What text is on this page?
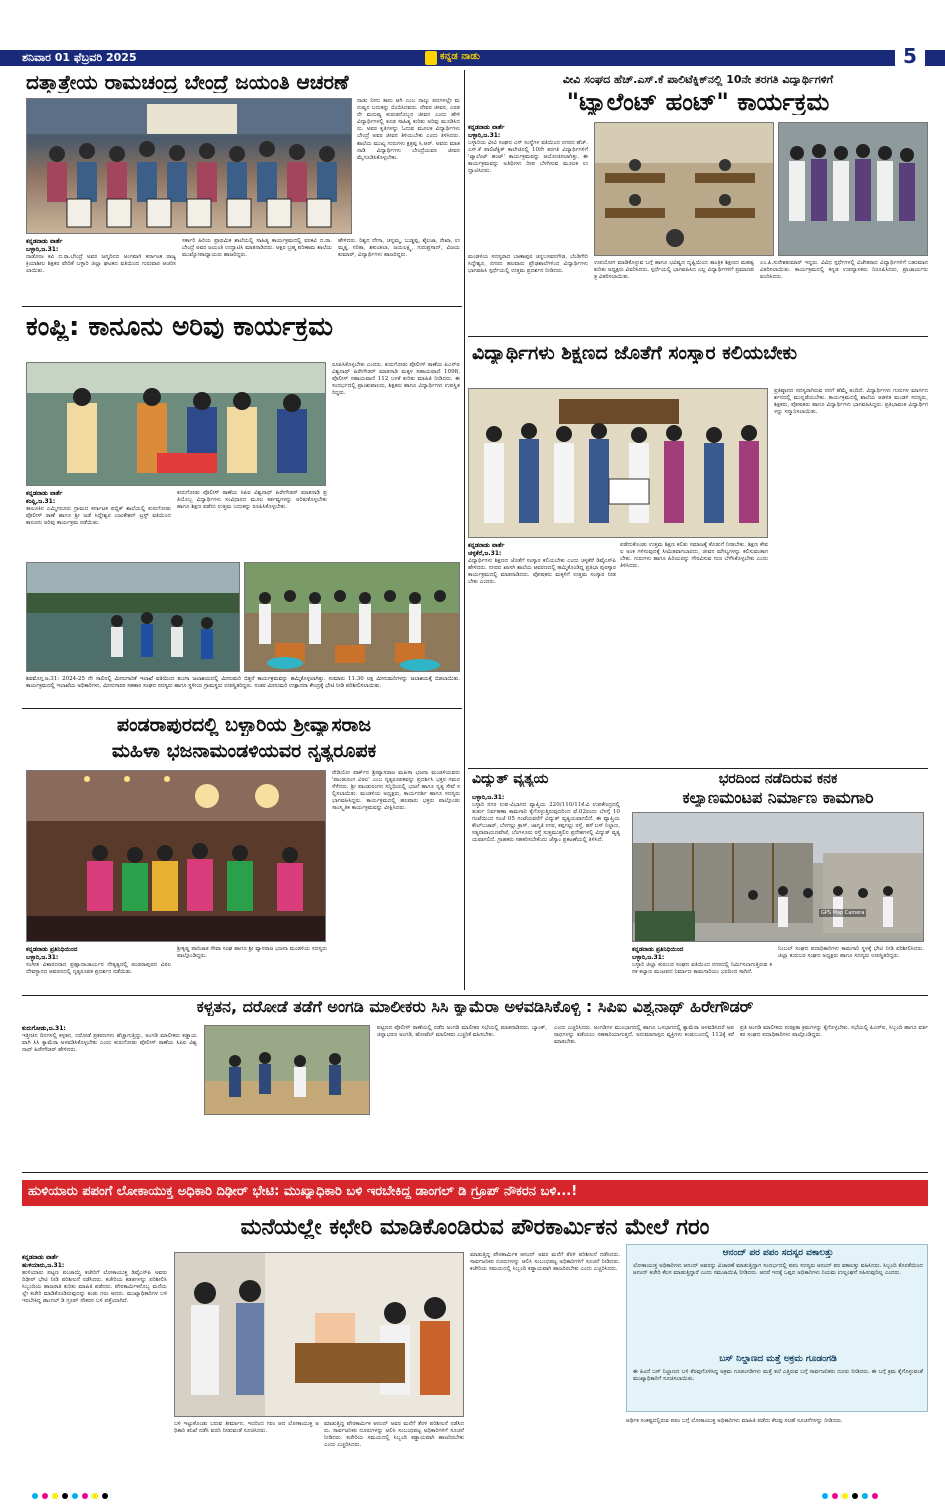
ಶನಿವಾರ 01 ಫೆಬ್ರವರಿ 2025	ಕನ್ನಡ ನಾಡು	5
ದತ್ತಾತ್ರೇಯ ರಾಮಚಂದ್ರ ಬೇಂದ್ರೆ ಜಯಂತಿ ಆಚರಣೆ
ನಾಡು ನೀನು ತಾನು ಆಗಿ ಎಂಬ ನಾಲ್ಕು ಪದಗಳಲ್ಲೇ ಮನುಷ್ಯನ ಬದುಕನ್ನು ಬಿಂಬಿಸಿದವರು. ದೇವರ ಜೀವನ, ಎರಡನೇ ಮನುಷ್ಯ ಕುರುಡನೊಬ್ಬನ ಜೀವನ ಎಂದು ಹೇಳಿ ವಿದ್ಯಾರ್ಥಿಗಳಲ್ಲಿ ಕೂಡ ಸಾಹಿತ್ಯ ಕುರಿತು ಅರಿವು ಮೂಡಿಸಿದರು. ಅವರ ಕೃತಿಗಳನ್ನು ಓದುವ ಮೂಲಕ ವಿದ್ಯಾರ್ಥಿಗಳು ಬೇಂದ್ರೆ ಅವರ ಜೀವನ ತಿಳಿಯಬೇಕು ಎಂದು ತಿಳಿಸಿದರು. ಶಾಲೆಯ ಮುಖ್ಯ ಗುರುಗಳು ಕ್ಷತ್ರಪ್ಪ ಸಿ.ಆರ್. ಅವರು ಮಾತನಾಡಿ ವಿದ್ಯಾರ್ಥಿಗಳು ಬೇಂದ್ರೆಯವರ ಜೀವನ ಮೈಗೂಡಿಸಿಕೊಳ್ಳಬೇಕು.
ಕನ್ನಡನಾಡು ವಾರ್ತೆ
ಬಳ್ಳಾರಿ,ಜ.31:
ನಾಡೋಜ ಕವಿ ದ.ರಾ.ಬೇಂದ್ರೆ ಅವರ ಜನ್ಮದಿನದ ಅಂಗವಾಗಿ ಕರ್ನಾಟಕ ರಾಜ್ಯ ಕ್ರಿಯಾಶೀಲ ಶಿಕ್ಷಕರ ವೇದಿಕೆ ಬಳ್ಳಾರಿ ಜಿಲ್ಲಾ ಘಟಕದ ವತಿಯಿಂದ ಗುರುವಾರ ಆಚರಿಸಲಾಯಿತು.
ಸರ್ಕಾರಿ ಹಿರಿಯ ಪ್ರಾಥಮಿಕ ಶಾಲೆಯಲ್ಲಿ ಸಾಹಿತ್ಯ ಕಾರ್ಯಕ್ರಮದಲ್ಲಿ ವರಕವಿ ದ.ರಾ.ಬೇಂದ್ರೆ ಅವರ ಜಯಂತಿ ಉದ್ಘಾಟಿಸಿ ಮಾತನಾಡಿದರು. ಅಕ್ಷರ ಬ್ರಹ್ಮ ಪರಿಣಾಮ ಶಾಲೆಯ ಮುಖ್ಯೋಪಾಧ್ಯಾಯರು ಹಾಜರಿದ್ದರು.
ಹೇಳಿದರು. ರಿಶ್ಯದ ದೇಗಾ, ಚನ್ನಮ್ಮ, ಬುಡ್ಡಪ್ಪ, ಶೈಲಜಾ, ರೇಖಾ, ಉಮ್ಮಕ್ಕ, ಸರಿತಾ, ಶಕುಂತಲಾ, ಜಯಲಕ್ಷ್ಮಿ, ಗುರುಪ್ರಸಾದ್, ವಿಜಯಕುಮಾರ್, ವಿದ್ಯಾರ್ಥಿಗಳು ಹಾಜರಿದ್ದರು.
ವೀವಿ ಸಂಘದ ಹೆಚ್.ಎಸ್.ಕೆ ಪಾಲಿಟೆಕ್ನಿಕ್‌ನಲ್ಲಿ 10ನೇ ತರಗತಿ ವಿದ್ಯಾರ್ಥಿಗಳಿಗೆ
"ಟ್ಯಾಲೆಂಟ್ ಹಂಟ್" ಕಾರ್ಯಕ್ರಮ
ಕನ್ನಡನಾಡು ವಾರ್ತೆ
ಬಳ್ಳಾರಿ,ಜ.31:
ಬಳ್ಳಾರಿಯ ವೀವಿ ಸಂಘದ ಎಸ್ ಸಂಸ್ಥೆಗಳ ವತಿಯಿಂದ ನಗರದ ಹೆಚ್.ಎಸ್.ಕೆ ಪಾಲಿಟೆಕ್ನಿಕ್ ಕಾಲೇಜಿನಲ್ಲಿ 10ನೇ ತರಗತಿ ವಿದ್ಯಾರ್ಥಿಗಳಿಗೆ 'ಟ್ಯಾಲೆಂಟ್ ಹಂಟ್' ಕಾರ್ಯಕ್ರಮವನ್ನು ಆಯೋಜಿಸಲಾಗಿತ್ತು. ಈ ಕಾರ್ಯಕ್ರಮವನ್ನು ಅತಿಥಿಗಳು ದೀಪ ಬೆಳಗಿಸುವ ಮೂಲಕ ಉದ್ಘಾಟಿಸಿದರು.
ಮಂಡಳಿಯ ಸದಸ್ಯರಾದ ಬಾಣಾಪುರ ಚನ್ನಬಸವನಗೌಡ, ಬೆಂಡಿಗೇರಿ ಸಿದ್ದೇಶ್ವರ, ನಗರದ ಹಲವಾರು ಪ್ರೌಢಶಾಲೆಗಳಿಂದ ವಿದ್ಯಾರ್ಥಿಗಳು ಭಾಗವಹಿಸಿ ಸ್ಪರ್ಧೆಯಲ್ಲಿ ಉತ್ತಮ ಪ್ರದರ್ಶನ ನೀಡಿದರು.
ಉಪಯೋಗ ಮಾಡಿಕೊಳ್ಳುವ ಬಗ್ಗೆ ಹಾಗೂ ಭವಿಷ್ಯದ ದೃಷ್ಟಿಯಿಂದ ತಾಂತ್ರಿಕ ಶಿಕ್ಷಣದ ಮಹತ್ವ ಕುರಿತು ಅಧ್ಯಕ್ಷರು ವಿವರಿಸಿದರು. ಸ್ಪರ್ಧೆಯಲ್ಲಿ ಭಾಗವಹಿಸಿದ ಎಲ್ಲ ವಿದ್ಯಾರ್ಥಿಗಳಿಗೆ ಪ್ರಮಾಣಪತ್ರ ವಿತರಿಸಲಾಯಿತು.
ಎಂ.ಪಿ.ಸುರೇಶಕುಮಾರ್ ಇದ್ದರು. ವಿವಿಧ ಸ್ಪರ್ಧೆಗಳಲ್ಲಿ ವಿಜೇತರಾದ ವಿದ್ಯಾರ್ಥಿಗಳಿಗೆ ಬಹುಮಾನ ವಿತರಿಸಲಾಯಿತು. ಕಾರ್ಯಕ್ರಮದಲ್ಲಿ ಕನ್ನಡ ಉಪನ್ಯಾಸಕರು ನಿರೂಪಿಸಿದರು, ಪ್ರಾಚಾರ್ಯರು ವಂದಿಸಿದರು.
ಕಂಪ್ಲಿ: ಕಾನೂನು ಅರಿವು ಕಾರ್ಯಕ್ರಮ
ರೂಪಿಸಿಕೊಳ್ಳಬೇಕು ಎಂದರು. ಕುರುಗೋಡು ಪೊಲೀಸ್ ಠಾಣೆಯ ಪಿಎಸ್ಐ ವಿಶ್ವನಾಥ್ ಹಿರೇಗೌಡರ್ ಮಾತನಾಡಿ ಮಕ್ಕಳ ಸಹಾಯವಾಣಿ 1098, ಪೊಲೀಸ್ ಸಹಾಯವಾಣಿ 112 ಬಳಕೆ ಕುರಿತು ಮಾಹಿತಿ ನೀಡಿದರು. ಈ ಸಂದರ್ಭದಲ್ಲಿ ಪ್ರಾಂಶುಪಾಲರು, ಶಿಕ್ಷಕರು ಹಾಗೂ ವಿದ್ಯಾರ್ಥಿಗಳು ಉಪಸ್ಥಿತರಿದ್ದರು.
ಕನ್ನಡನಾಡು ವಾರ್ತೆ
ಕಂಪ್ಲಿ,ಜ.31:
ತಾಲೂಕಿನ ಎಮ್ಮಿಗನೂರು ಗ್ರಾಮದ ಕರ್ನಾಟಕ ಪಬ್ಲಿಕ್ ಶಾಲೆಯಲ್ಲಿ ಕುರುಗೋಡು ಪೊಲೀಸ್ ಠಾಣೆ ಹಾಗೂ ಶ್ರೀ ಜಡೆ ಸಿದ್ದೇಶ್ವರ ಎಜುಕೇಶನ್ ಟ್ರಸ್ಟ್ ವತಿಯಿಂದ ಕಾನೂನು ಅರಿವು ಕಾರ್ಯಕ್ರಮ ನಡೆಯಿತು.
ಕುರುಗೋಡು ಪೊಲೀಸ್ ಠಾಣೆಯ ಸಿಪಿಐ ವಿಶ್ವನಾಥ್ ಹಿರೇಗೌಡರ್ ಮಾತನಾಡಿ ಪ್ರತಿಯೊಬ್ಬ ವಿದ್ಯಾರ್ಥಿಗಳು ಸಂವಿಧಾನದ ಮೂಲ ಕರ್ತವ್ಯಗಳನ್ನು ಅರಿತುಕೊಳ್ಳಬೇಕು ಹಾಗೂ ಶಿಕ್ಷಣ ಪಡೆದು ಉತ್ತಮ ಬದುಕನ್ನು ರೂಪಿಸಿಕೊಳ್ಳಬೇಕು.
ವಿದ್ಯಾರ್ಥಿಗಳು ಶಿಕ್ಷಣದ ಜೊತೆಗೆ ಸಂಸ್ಕಾರ ಕಲಿಯಬೇಕು
ಪ್ರತಿಷ್ಠಾನದ ಸದಸ್ಯರಾಗಿರುವ ನನಗೆ ಹೆಮ್ಮೆ ತಂದಿದೆ. ವಿದ್ಯಾರ್ಥಿಗಳು ಗುರುಗಳ ಮಾರ್ಗದರ್ಶನದಲ್ಲಿ ಮುನ್ನಡೆಯಬೇಕು. ಕಾರ್ಯಕ್ರಮದಲ್ಲಿ ಶಾಲೆಯ ಆಡಳಿತ ಮಂಡಳಿ ಸದಸ್ಯರು, ಶಿಕ್ಷಕರು, ಪೋಷಕರು ಹಾಗೂ ವಿದ್ಯಾರ್ಥಿಗಳು ಭಾಗವಹಿಸಿದ್ದರು. ಪ್ರತಿಭಾವಂತ ವಿದ್ಯಾರ್ಥಿಗಳನ್ನು ಸನ್ಮಾನಿಸಲಾಯಿತು.
ಕನ್ನಡನಾಡು ವಾರ್ತೆ
ಚಳ್ಳಕೆರೆ,ಜ.31:
ವಿದ್ಯಾರ್ಥಿಗಳು ಶಿಕ್ಷಣದ ಜೊತೆಗೆ ಸಂಸ್ಕಾರ ಕಲಿಯಬೇಕು ಎಂದು ಚಳ್ಳಕೆರೆ ಡಿವೈಎಸ್‌ಪಿ ಹೇಳಿದರು. ನಗರದ ಖಾಸಗಿ ಶಾಲೆಯ ಆವರಣದಲ್ಲಿ ಹಮ್ಮಿಕೊಂಡಿದ್ದ ಪ್ರತಿಭಾ ಪುರಸ್ಕಾರ ಕಾರ್ಯಕ್ರಮದಲ್ಲಿ ಮಾತನಾಡಿದರು. ಪೋಷಕರು ಮಕ್ಕಳಿಗೆ ಉತ್ತಮ ಸಂಸ್ಕಾರ ನೀಡಬೇಕು ಎಂದರು.
ಪಡೆದುಕೊಂಡು ಉತ್ತಮ ಶಿಕ್ಷಣ ಕಲಿತು ಸಮಾಜಕ್ಕೆ ಕೊಡುಗೆ ನೀಡಬೇಕು. ಶಿಕ್ಷಣ ಕೇವಲ ಅಂಕ ಗಳಿಸುವುದಕ್ಕೆ ಸೀಮಿತವಾಗಬಾರದು, ಜೀವನ ಮೌಲ್ಯಗಳನ್ನು ಕಲಿಸುವಂತಾಗಬೇಕು. ಗುರುಗಳು ಹಾಗೂ ಹಿರಿಯರನ್ನು ಗೌರವಿಸುವ ಗುಣ ಬೆಳೆಸಿಕೊಳ್ಳಬೇಕು ಎಂದು ತಿಳಿಸಿದರು.
ಶಿವಮೊಗ್ಗ,ಜ.31: 2024-25 ನೇ ಸಾಲಿನಲ್ಲಿ ಮೀನುಗಾರಿಕೆ ಇಲಾಖೆ ವತಿಯಿಂದ ತುಂಗಾ ಜಲಾಶಯದಲ್ಲಿ ಮೀನುಮರಿ ಬಿತ್ತನೆ ಕಾರ್ಯಕ್ರಮವನ್ನು ಹಮ್ಮಿಕೊಳ್ಳಲಾಗಿತ್ತು. ಸುಮಾರು 11.30 ಲಕ್ಷ ಮೀನುಮರಿಗಳನ್ನು ಜಲಾಶಯಕ್ಕೆ ಬಿಡಲಾಯಿತು. ಕಾರ್ಯಕ್ರಮದಲ್ಲಿ ಇಲಾಖೆಯ ಅಧಿಕಾರಿಗಳು, ಮೀನುಗಾರರ ಸಹಕಾರ ಸಂಘದ ಸದಸ್ಯರು ಹಾಗೂ ಸ್ಥಳೀಯ ಗ್ರಾಮಸ್ಥರು ಉಪಸ್ಥಿತರಿದ್ದರು. ನಂತರ ಮೀನುಮರಿ ಉತ್ಪಾದನಾ ಕೇಂದ್ರಕ್ಕೆ ಭೇಟಿ ನೀಡಿ ಪರಿಶೀಲಿಸಲಾಯಿತು.
ಪಂಡರಾಪುರದಲ್ಲಿ ಬಳ್ಳಾರಿಯ ಶ್ರೀವ್ಯಾಸರಾಜ
ಮಹಿಳಾ ಭಜನಾಮಂಡಳಿಯವರ ನೃತ್ಯರೂಪಕ
ರೇಡಿಯೋ ಪಾರ್ಕ್‌ನ ಶ್ರೀವ್ಯಾಸರಾಜ ಮಹಿಳಾ ಭಜನಾ ಮಂಡಳಿಯವರು 'ಪಾಂಡುರಂಗ ವಿಠಲ' ಎಂಬ ನೃತ್ಯರೂಪಕವನ್ನು ಪ್ರದರ್ಶಿಸಿ ಭಕ್ತರ ಗಮನ ಸೆಳೆದರು. ಶ್ರೀ ಪಾಂಡುರಂಗನ ಸನ್ನಿಧಿಯಲ್ಲಿ ಭಜನೆ ಹಾಗೂ ನೃತ್ಯ ಸೇವೆ ಸಲ್ಲಿಸಲಾಯಿತು. ಮಂಡಳಿಯ ಅಧ್ಯಕ್ಷರು, ಕಾರ್ಯದರ್ಶಿ ಹಾಗೂ ಸದಸ್ಯರು ಭಾಗವಹಿಸಿದ್ದರು. ಕಾರ್ಯಕ್ರಮದಲ್ಲಿ ಹಲವಾರು ಭಕ್ತರು ಪಾಲ್ಗೊಂಡು ಸಾಂಸ್ಕೃತಿಕ ಕಾರ್ಯಕ್ರಮವನ್ನು ವೀಕ್ಷಿಸಿದರು.
ಕನ್ನಡನಾಡು ಪ್ರತಿನಿಧಿಯಿಂದ
ಬಳ್ಳಾರಿ,ಜ.31:
ಸಂಗೀತ ವಿಶಾರದರಾದ ಪ್ರಹ್ಲಾದಾಚಾರ್ಯರ ನೇತೃತ್ವದಲ್ಲಿ ಪಂಡರಾಪುರದ ವಿಠಲ ದೇವಸ್ಥಾನದ ಆವರಣದಲ್ಲಿ ನೃತ್ಯರೂಪಕ ಪ್ರದರ್ಶನ ನಡೆಯಿತು.
ಶ್ರೀಕೃಷ್ಣ ಪಾರಿಜಾತ ಸೇವಾ ಸಂಘ ಹಾಗೂ ಶ್ರೀ ವ್ಯಾಸರಾಜ ಭಜನಾ ಮಂಡಳಿಯ ಸದಸ್ಯರು ಪಾಲ್ಗೊಂಡಿದ್ದರು.
ವಿದ್ಯುತ್ ವ್ಯತ್ಯಯ
ಬಳ್ಳಾರಿ,ಜ.31:
ಬಳ್ಳಾರಿ ನಗರ ಉಪ-ವಿಭಾಗದ ವ್ಯಾಪ್ತಿಯ 220/110/11ಕೆ.ವಿ ಉಪಕೇಂದ್ರದಲ್ಲಿ ತುರ್ತು ನಿರ್ವಹಣಾ ಕಾಮಗಾರಿ ಕೈಗೊಳ್ಳುತ್ತಿರುವುದರಿಂದ ಫೆ.02ರಂದು ಬೆಳಗ್ಗೆ 10 ಗಂಟೆಯಿಂದ ಸಂಜೆ 05 ಗಂಟೆಯವರೆಗೆ ವಿದ್ಯುತ್ ವ್ಯತ್ಯಯವಾಗಲಿದೆ. ಈ ವ್ಯಾಪ್ತಿಯ ಕೌಲ್‌ಬಜಾರ್, ಬೆಳಗಲ್ಲು ಕ್ರಾಸ್, ಜಾಗೃತಿ ನಗರ, ಕಪ್ಪಗಲ್ಲು ರಸ್ತೆ, ಹಳೆ ಬಸ್ ನಿಲ್ದಾಣ, ಸತ್ಯನಾರಾಯಣಪೇಟೆ, ಬೆಂಗಳೂರು ರಸ್ತೆ ಸುತ್ತಮುತ್ತಲಿನ ಪ್ರದೇಶಗಳಲ್ಲಿ ವಿದ್ಯುತ್ ವ್ಯತ್ಯಯವಾಗಲಿದೆ. ಗ್ರಾಹಕರು ಸಹಕರಿಸಬೇಕೆಂದು ಜೆಸ್ಕಾಂ ಪ್ರಕಟಣೆಯಲ್ಲಿ ತಿಳಿಸಿದೆ.
ಭರದಿಂದ ನಡೆದಿರುವ ಕನಕ
ಕಲ್ಯಾಣಮಂಟಪ ನಿರ್ಮಾಣ ಕಾಮಗಾರಿ
GPS Map Camera
ಕನ್ನಡನಾಡು ಪ್ರತಿನಿಧಿಯಿಂದ
ಬಳ್ಳಾರಿ,ಜ.31:
ಬಳ್ಳಾರಿ ಜಿಲ್ಲಾ ಕುರುಬರ ಸಂಘದ ವತಿಯಿಂದ ನಗರದಲ್ಲಿ ನಿರ್ಮಿಸಲಾಗುತ್ತಿರುವ ಕನಕ ಕಲ್ಯಾಣ ಮಂಟಪದ ನಿರ್ಮಾಣ ಕಾಮಗಾರಿಯು ಭರದಿಂದ ಸಾಗಿದೆ.
ನಿಂಬಲ್ ಸಂಘದ ಪದಾಧಿಕಾರಿಗಳು ಕಾಮಗಾರಿ ಸ್ಥಳಕ್ಕೆ ಭೇಟಿ ನೀಡಿ ಪರಿಶೀಲಿಸಿದರು. ಜಿಲ್ಲಾ ಕುರುಬರ ಸಂಘದ ಅಧ್ಯಕ್ಷರು ಹಾಗೂ ಸದಸ್ಯರು ಉಪಸ್ಥಿತರಿದ್ದರು.
ಕಳ್ಳತನ, ದರೋಡೆ ತಡೆಗೆ ಅಂಗಡಿ ಮಾಲೀಕರು ಸಿಸಿ ಕ್ಯಾಮೆರಾ ಅಳವಡಿಸಿಕೊಳ್ಳಿ : ಸಿಪಿಐ ವಿಶ್ವನಾಥ್ ಹಿರೇಗೌಡರ್
ಕುರುಗೋಡು,ಜ.31:
ಇತ್ತೀಚಿನ ದಿನಗಳಲ್ಲಿ ಕಳ್ಳತನ, ದರೋಡೆ ಪ್ರಕರಣಗಳು ಹೆಚ್ಚಾಗುತ್ತಿದ್ದು, ಅಂಗಡಿ ಮಾಲೀಕರು ಕಡ್ಡಾಯವಾಗಿ ಸಿಸಿ ಕ್ಯಾಮೆರಾ ಅಳವಡಿಸಿಕೊಳ್ಳಬೇಕು ಎಂದು ಕುರುಗೋಡು ಪೊಲೀಸ್ ಠಾಣೆಯ ಸಿಪಿಐ ವಿಶ್ವನಾಥ್ ಹಿರೇಗೌಡರ್ ಹೇಳಿದರು.
ಪಟ್ಟಣದ ಪೊಲೀಸ್ ಠಾಣೆಯಲ್ಲಿ ನಡೆದ ಅಂಗಡಿ ಮಾಲೀಕರ ಸಭೆಯಲ್ಲಿ ಮಾತನಾಡಿದರು. ಬ್ಯಾಂಕ್, ಚಿನ್ನಾಭರಣ ಅಂಗಡಿ, ಹೋಟೆಲ್ ಮಾಲೀಕರು ಎಚ್ಚರಿಕೆ ವಹಿಸಬೇಕು.
ಎಂದು ಎಚ್ಚರಿಸಿದರು. ಅಂಗಡಿಗಳ ಮುಂಭಾಗದಲ್ಲಿ ಹಾಗೂ ಒಳಭಾಗದಲ್ಲಿ ಕ್ಯಾಮೆರಾ ಅಳವಡಿಸಿದರೆ ಅಪರಾಧಗಳನ್ನು ತಡೆಯಲು ಸಹಕಾರಿಯಾಗುತ್ತದೆ. ಅನುಮಾನಾಸ್ಪದ ವ್ಯಕ್ತಿಗಳು ಕಂಡುಬಂದಲ್ಲಿ 112ಕ್ಕೆ ಕರೆ ಮಾಡಬೇಕು.
ಪ್ರತಿ ಅಂಗಡಿ ಮಾಲೀಕರು ಸುರಕ್ಷತಾ ಕ್ರಮಗಳನ್ನು ಕೈಗೊಳ್ಳಬೇಕು. ಸಭೆಯಲ್ಲಿ ಪಿಎಸ್ಐ, ಸಿಬ್ಬಂದಿ ಹಾಗೂ ವರ್ತಕರ ಸಂಘದ ಪದಾಧಿಕಾರಿಗಳು ಪಾಲ್ಗೊಂಡಿದ್ದರು.
ಹುಳಿಯಾರು ಪಪಂಗೆ ಲೋಕಾಯುಕ್ತ ಅಧಿಕಾರಿ ದಿಢೀರ್ ಭೇಟಿ: ಮುಖ್ಯಾಧಿಕಾರಿ ಬಳಿ ಇರಬೇಕಿದ್ದ ಡಾಂಗಲ್ ಡಿ ಗ್ರೂಪ್ ನೌಕರನ ಬಳಿ...!
ಮನೆಯಲ್ಲೇ ಕಛೇರಿ ಮಾಡಿಕೊಂಡಿರುವ ಪೌರಕಾರ್ಮಿಕನ ಮೇಲೆ ಗರಂ
ಕನ್ನಡನಾಡು ವಾರ್ತೆ
ಹುಳಿಯಾರು,ಜ.31:
ಹುಳಿಯಾರು ಪಟ್ಟಣ ಪಂಚಾಯ್ತಿ ಕಚೇರಿಗೆ ಲೋಕಾಯುಕ್ತ ಡಿವೈಎಸ್‌ಪಿ ಅವರು ದಿಢೀರ್ ಭೇಟಿ ನೀಡಿ ಪರಿಶೀಲನೆ ನಡೆಸಿದರು. ಕಚೇರಿಯ ಕಡತಗಳನ್ನು ಪರಿಶೀಲಿಸಿ ಸಿಬ್ಬಂದಿಯ ಹಾಜರಾತಿ ಕುರಿತು ಮಾಹಿತಿ ಪಡೆದರು. ಪೌರಕಾರ್ಮಿಕನೊಬ್ಬ ಮನೆಯಲ್ಲೇ ಕಚೇರಿ ಮಾಡಿಕೊಂಡಿರುವುದನ್ನು ಕಂಡು ಗರಂ ಆದರು. ಮುಖ್ಯಾಧಿಕಾರಿಗಳ ಬಳಿ ಇರಬೇಕಿದ್ದ ಡಾಂಗಲ್ ಡಿ ಗ್ರೂಪ್ ನೌಕರನ ಬಳಿ ಪತ್ತೆಯಾಗಿದೆ.
ಬಳಿ ಇಟ್ಟುಕೊಂಡು ಬರುವ ತೀರ್ಮಾನ. ಇದರಿಂದ ಗರಂ ಆದ ಲೋಕಾಯುಕ್ತ ಅಧಿಕಾರಿ ತನಿಖೆ ನಡೆಸಿ ವರದಿ ನೀಡುವಂತೆ ಸೂಚಿಸಿದರು.
ಮಾಡುತ್ತಿದ್ದ ಪೌರಕಾರ್ಮಿಕ ಆನಂದ್ ಅವರ ಮನೆಗೆ ತೆರಳಿ ಪರಿಶೀಲನೆ ನಡೆಸಿದರು. ಸಾರ್ವಜನಿಕರ ದೂರುಗಳನ್ನು ಆಲಿಸಿ ಸಂಬಂಧಪಟ್ಟ ಅಧಿಕಾರಿಗಳಿಗೆ ಸೂಚನೆ ನೀಡಿದರು. ಕಚೇರಿಯ ಸಮಯದಲ್ಲಿ ಸಿಬ್ಬಂದಿ ಕಡ್ಡಾಯವಾಗಿ ಹಾಜರಿರಬೇಕು ಎಂದು ಎಚ್ಚರಿಸಿದರು.
ಮಾಡುತ್ತಿದ್ದ ಪೌರಕಾರ್ಮಿಕ ಆನಂದ್ ಅವರ ಮನೆಗೆ ತೆರಳಿ ಪರಿಶೀಲನೆ ನಡೆಸಿದರು. ಸಾರ್ವಜನಿಕರ ದೂರುಗಳನ್ನು ಆಲಿಸಿ ಸಂಬಂಧಪಟ್ಟ ಅಧಿಕಾರಿಗಳಿಗೆ ಸೂಚನೆ ನೀಡಿದರು. ಕಚೇರಿಯ ಸಮಯದಲ್ಲಿ ಸಿಬ್ಬಂದಿ ಕಡ್ಡಾಯವಾಗಿ ಹಾಜರಿರಬೇಕು ಎಂದು ಎಚ್ಚರಿಸಿದರು.
ಆನಂದ್ ಪರ ಪಪಂ ಸದಸ್ಯರ ವಕಾಲತ್ತು
ಲೋಕಾಯುಕ್ತ ಅಧಿಕಾರಿಗಳು ಆನಂದ್ ಅವರನ್ನು ವಿಚಾರಣೆ ಮಾಡುತ್ತಿದ್ದಾಗ ಸಂದರ್ಭದಲ್ಲಿ ಪಪಂ ಸದಸ್ಯರು ಆನಂದ್ ಪರ ವಕಾಲತ್ತು ವಹಿಸಿದರು. ಸಿಬ್ಬಂದಿ ಕೊರತೆಯಿಂದ ಆನಂದ್ ಕಚೇರಿ ಕೆಲಸ ಮಾಡುತ್ತಿದ್ದಾರೆ ಎಂದು ಸಮಜಾಯಿಷಿ ನೀಡಿದರು. ಆದರೆ ಇದಕ್ಕೆ ಒಪ್ಪದ ಅಧಿಕಾರಿಗಳು ನಿಯಮ ಉಲ್ಲಂಘನೆ ಸಹಿಸುವುದಿಲ್ಲ ಎಂದರು.
ಬಸ್ ನಿಲ್ದಾಣದ ಮತ್ತೆ ಅಕ್ರಮ ಗೂಡಂಗಡಿ
ಈ ಹಿಂದೆ ಬಸ್ ನಿಲ್ದಾಣದ ಬಳಿ ತೆರವುಗೊಳಿಸಿದ್ದ ಅಕ್ರಮ ಗೂಡಂಗಡಿಗಳು ಮತ್ತೆ ತಲೆ ಎತ್ತಿರುವ ಬಗ್ಗೆ ಸಾರ್ವಜನಿಕರು ದೂರು ನೀಡಿದರು. ಈ ಬಗ್ಗೆ ಕ್ರಮ ಕೈಗೊಳ್ಳುವಂತೆ ಮುಖ್ಯಾಧಿಕಾರಿಗೆ ಸೂಚಿಸಲಾಯಿತು.
ಆರ್ಥಿಕ ಸಂಕಷ್ಟದಲ್ಲಿರುವ ಪಪಂ ಬಗ್ಗೆ ಲೋಕಾಯುಕ್ತ ಅಧಿಕಾರಿಗಳು ಮಾಹಿತಿ ಪಡೆದು ಕೆಲವು ಸಲಹೆ ಸೂಚನೆಗಳನ್ನು ನೀಡಿದರು.
